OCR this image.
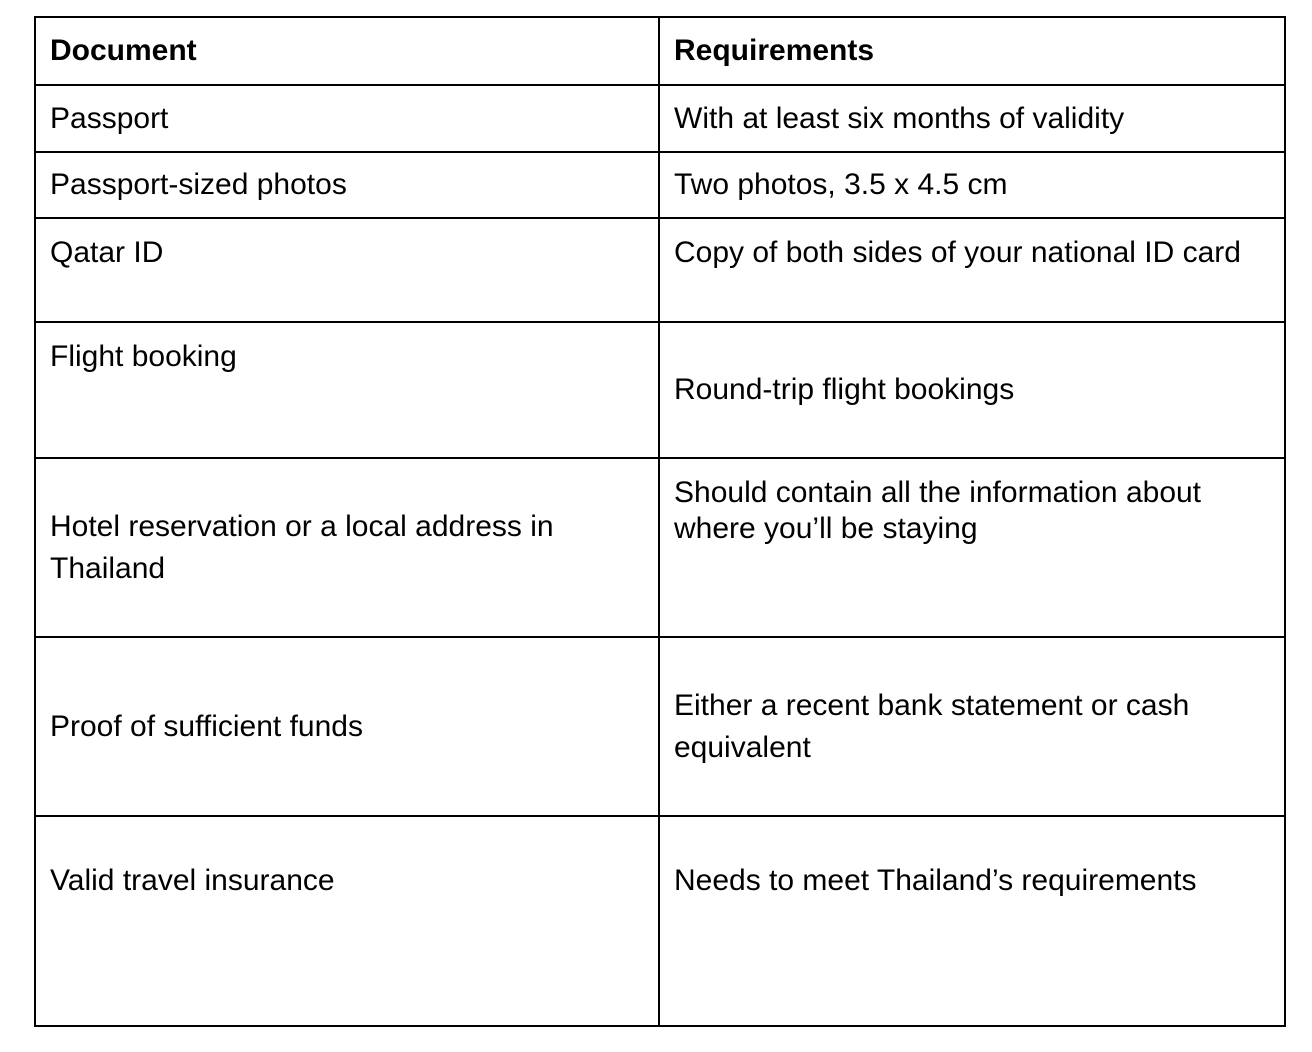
Document	Requirements
Passport	With at least six months of validity
Passport-sized photos	Two photos, 3.5 x 4.5 cm
Qatar ID	Copy of both sides of your national ID card
Flight booking	Round-trip flight bookings
Hotel reservation or a local address in Thailand	Should contain all the information about where you’ll be staying
Proof of sufficient funds	Either a recent bank statement or cash equivalent
Valid travel insurance	Needs to meet Thailand’s requirements
